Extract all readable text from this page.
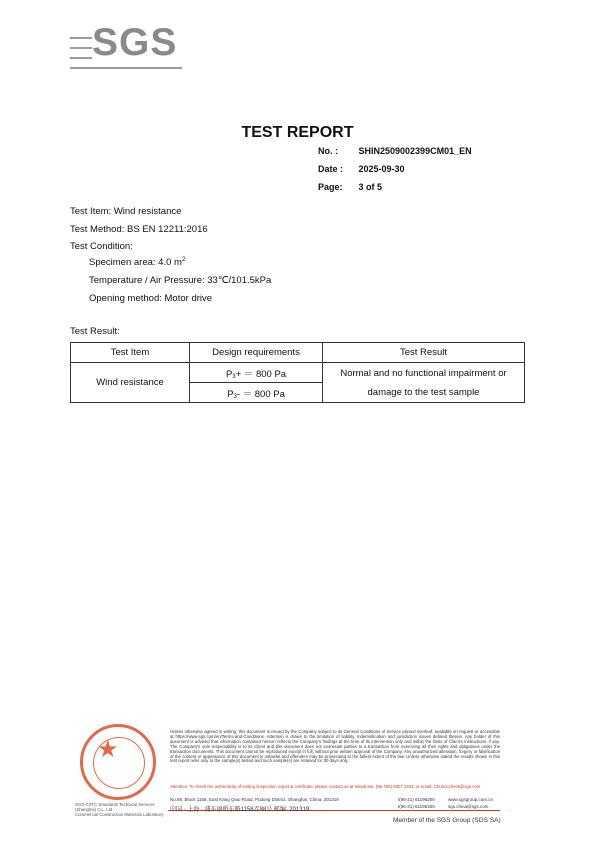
SGS
TEST REPORT
No. : SHIN2509002399CM01_EN
Date : 2025-09-30
Page: 3 of 5
Test Item: Wind resistance
Test Method: BS EN 12211:2016
Test Condition:
Specimen area: 4.0 $m^2$
Temperature / Air Pressure: 33℃/101.5kPa
Opening method: Motor drive
Test Result:
Test Item	Design requirements	Test Result
Wind resistance	$P_3+ = 800$ Pa	Normal and no functional impairment or
damage to the test sample

	$P_3- = 800$ Pa	
★
Unless otherwise agreed in writing, this document is issued by the Company subject to its General Conditions of Service printed overleaf, available on request or accessible at https://www.sgs.com/en/Terms-and-Conditions. Attention is drawn to the limitation of liability, indemnification and jurisdiction issues defined therein. Any holder of this document is advised that information contained hereon reflects the Company's findings at the time of its intervention only and within the limits of Client's instructions, if any. The Company's sole responsibility is to its Client and this document does not exonerate parties to a transaction from exercising all their rights and obligations under the transaction documents. This document cannot be reproduced except in full, without prior written approval of the Company. Any unauthorized alteration, forgery or falsification of the content or appearance of this document is unlawful and offenders may be prosecuted to the fullest extent of the law. Unless otherwise stated the results shown in this test report refer only to the sample(s) tested and such sample(s) are retained for 30 days only.
Attention: To check the authenticity of testing /inspection report & certificate, please contact us at telephone: (86-755) 8307 1443, or email: CN.Doccheck@sgs.com
No.88, Block 1158, East Kang Qiao Road, Pudong District, Shanghai, China. 201319	t(86-21) 61196300	www.sgsgroup.com.cn
中国 · 上海 · 浦东康桥东路1158弄88号 邮编: 201319
t(86-21) 61196300	sgs.china@sgs.com
SGS-CSTC Standards Technical Services (Shanghai) Co., Ltd.
Commercial Construction Materials Laboratory
Member of the SGS Group (SGS SA)
